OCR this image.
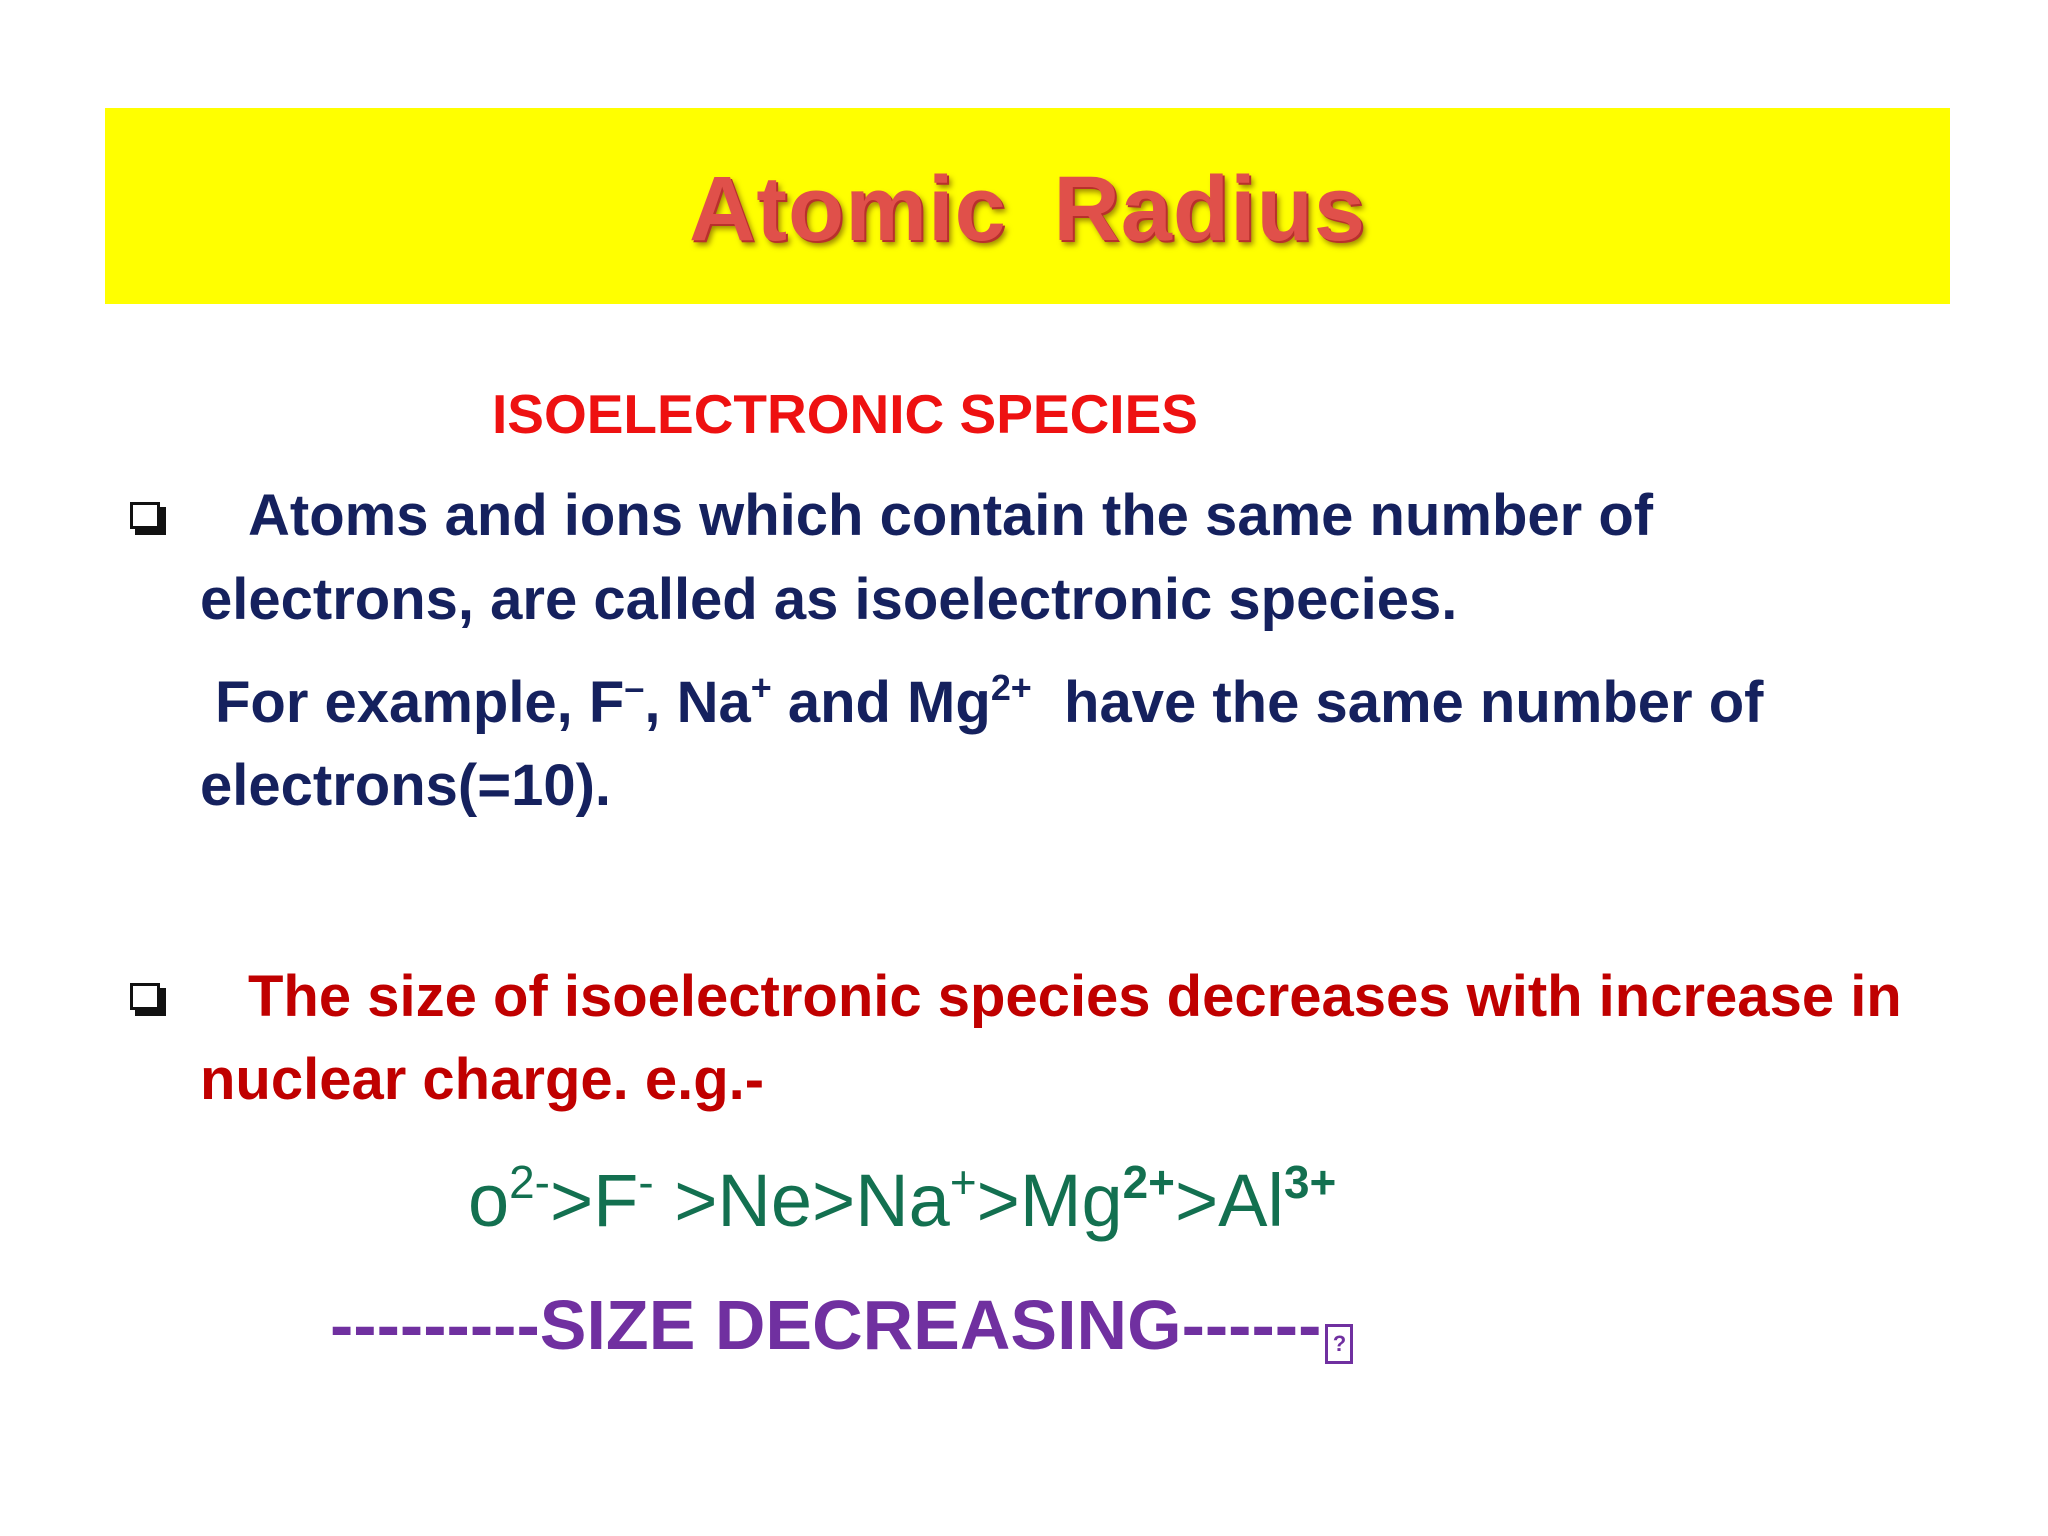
Atomic Radius
ISOELECTRONIC SPECIES
Atoms and ions which contain the same number of
electrons, are called as isoelectronic species.
For example, F–, Na+ and $Mg^{2+}$  have the same number of
electrons(=10).
The size of isoelectronic species decreases with increase in
nuclear charge. e.g.-
$o^{2-}>F^- >Ne>Na^+>Mg^{2+}>Al^{3+}$
---------SIZE DECREASING------ ?
